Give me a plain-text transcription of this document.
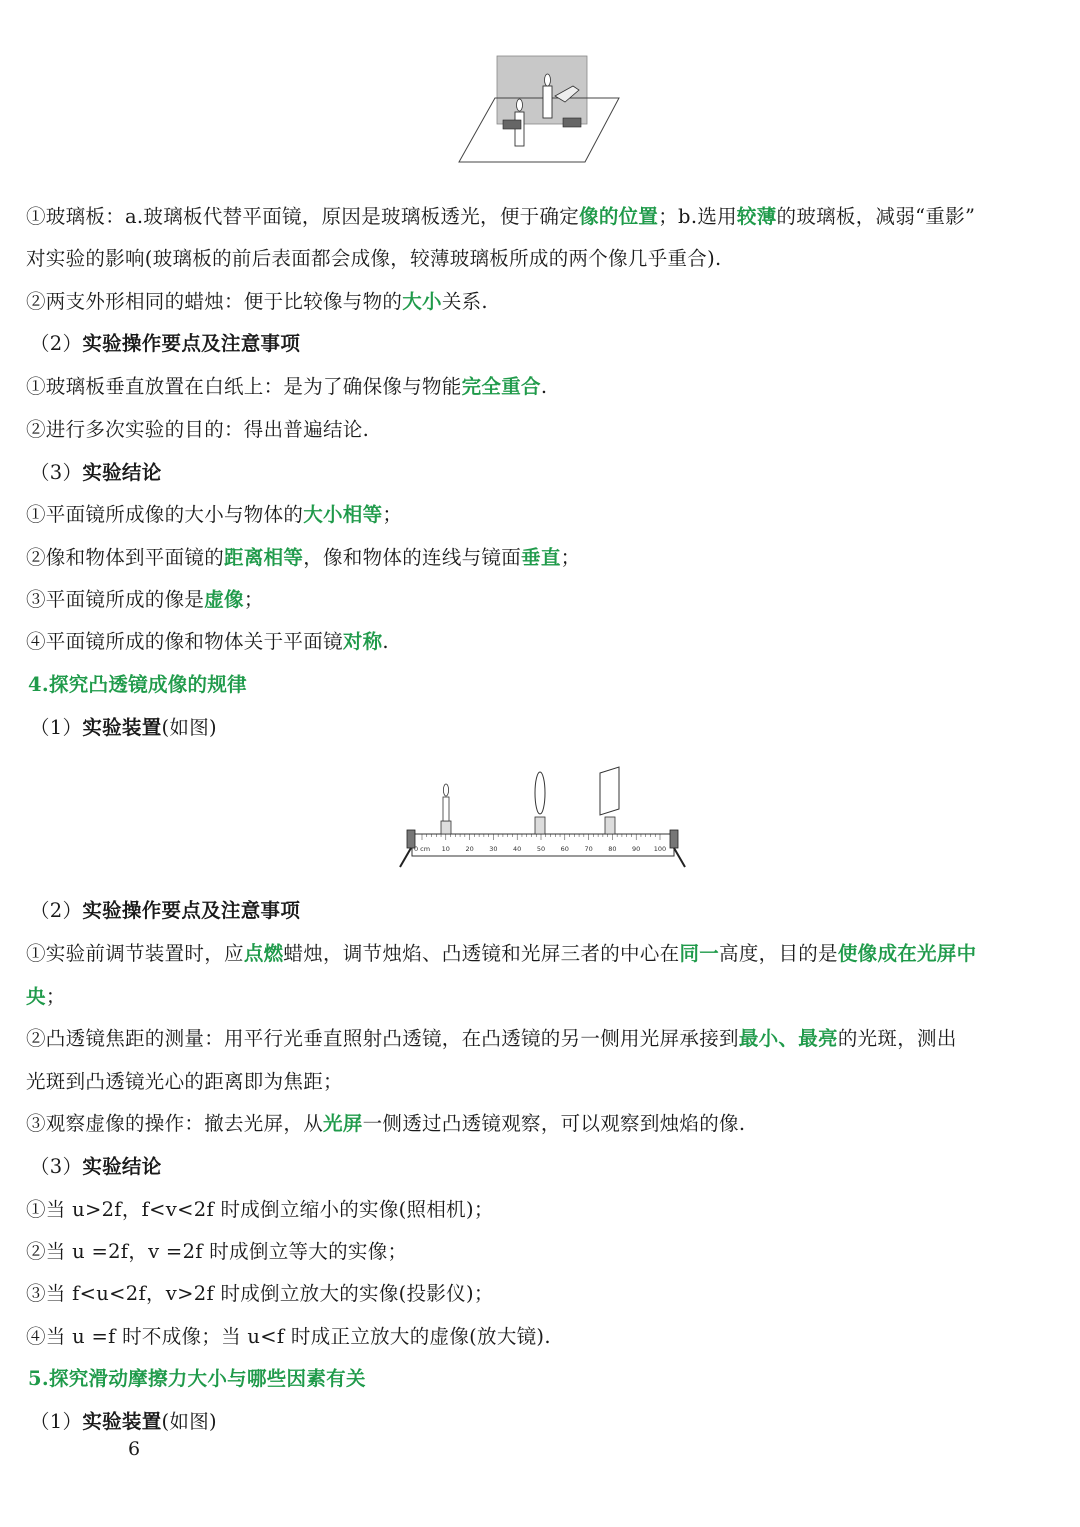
①玻璃板：a.玻璃板代替平面镜，原因是玻璃板透光，便于确定像的位置；b.选用较薄的玻璃板，减弱“重影”
对实验的影响(玻璃板的前后表面都会成像，较薄玻璃板所成的两个像几乎重合).
②两支外形相同的蜡烛：便于比较像与物的大小关系.
（2）实验操作要点及注意事项
①玻璃板垂直放置在白纸上：是为了确保像与物能完全重合.
②进行多次实验的目的：得出普遍结论.
（3）实验结论
①平面镜所成像的大小与物体的大小相等；
②像和物体到平面镜的距离相等，像和物体的连线与镜面垂直；
③平面镜所成的像是虚像；
④平面镜所成的像和物体关于平面镜对称.
4.探究凸透镜成像的规律
（1）实验装置(如图)
0 cm 10 20 30 40 50 60 70 80 90 100
（2）实验操作要点及注意事项
①实验前调节装置时，应点燃蜡烛，调节烛焰、凸透镜和光屏三者的中心在同一高度，目的是使像成在光屏中
央；
②凸透镜焦距的测量：用平行光垂直照射凸透镜，在凸透镜的另一侧用光屏承接到最小、最亮的光斑，测出
光斑到凸透镜光心的距离即为焦距；
③观察虚像的操作：撤去光屏，从光屏一侧透过凸透镜观察，可以观察到烛焰的像.
（3）实验结论
①当 u>2f，f<v<2f 时成倒立缩小的实像(照相机)；
②当 u =2f，v =2f 时成倒立等大的实像；
③当 f<u<2f，v>2f 时成倒立放大的实像(投影仪)；
④当 u =f 时不成像；当 u<f 时成正立放大的虚像(放大镜).
5.探究滑动摩擦力大小与哪些因素有关
（1）实验装置(如图)
6
